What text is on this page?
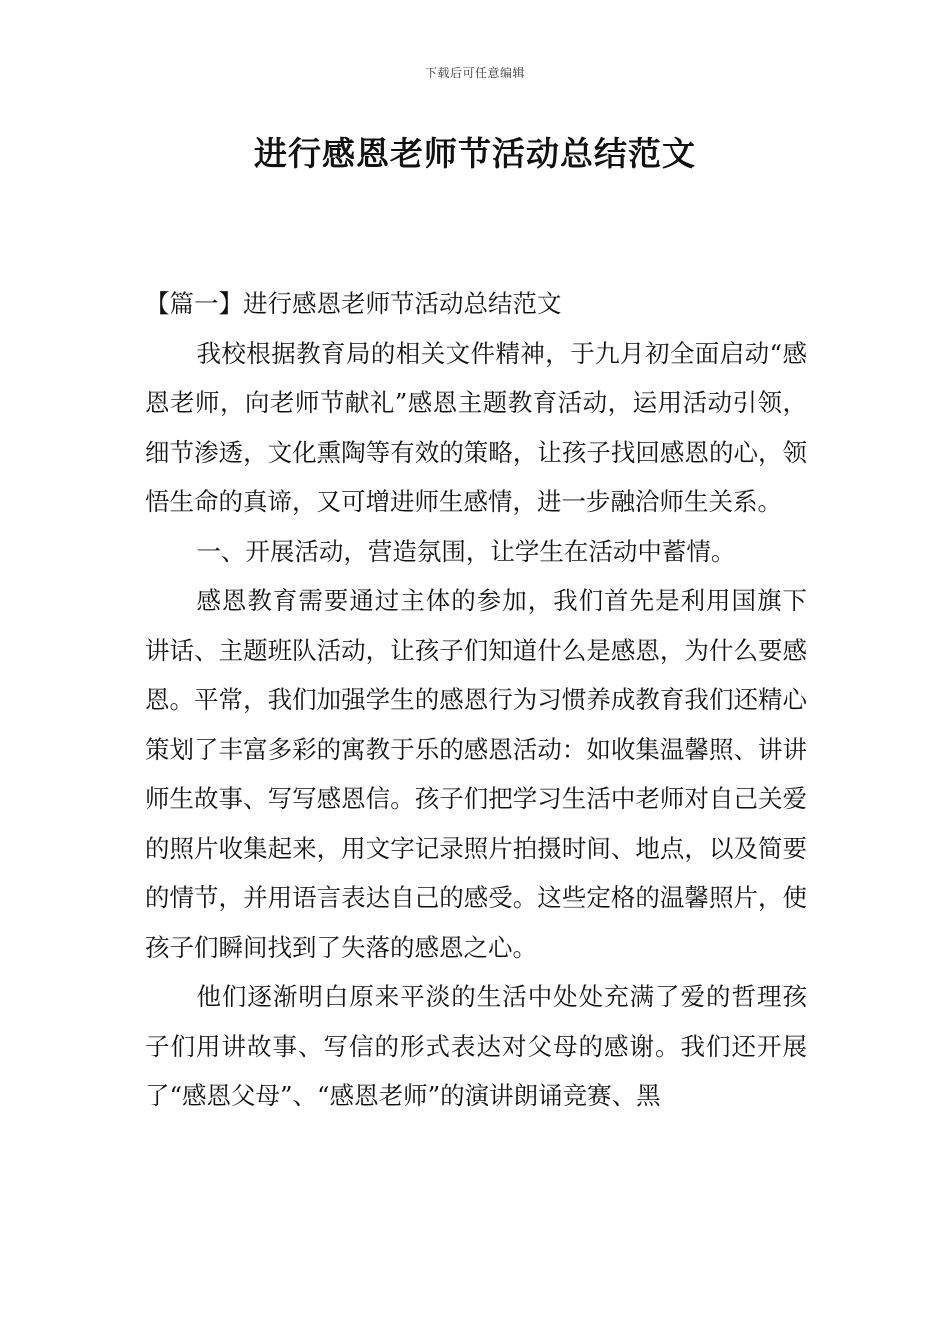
下载后可任意编辑
进行感恩老师节活动总结范文

【篇一】进行感恩老师节活动总结范文

我校根据教育局的相关文件精神，于九月初全面启动“感恩老师，向老师节献礼”感恩主题教育活动，运用活动引领，细节渗透，文化熏陶等有效的策略，让孩子找回感恩的心，领悟生命的真谛，又可增进师生感情，进一步融洽师生关系。

一、开展活动，营造氛围，让学生在活动中蓄情。

感恩教育需要通过主体的参加，我们首先是利用国旗下讲话、主题班队活动，让孩子们知道什么是感恩，为什么要感恩。平常，我们加强学生的感恩行为习惯养成教育我们还精心策划了丰富多彩的寓教于乐的感恩活动：如收集温馨照、讲讲师生故事、写写感恩信。孩子们把学习生活中老师对自己关爱的照片收集起来，用文字记录照片拍摄时间、地点，以及简要的情节，并用语言表达自己的感受。这些定格的温馨照片，使孩子们瞬间找到了失落的感恩之心。

他们逐渐明白原来平淡的生活中处处充满了爱的哲理孩子们用讲故事、写信的形式表达对父母的感谢。我们还开展了“感恩父母”、“感恩老师”的演讲朗诵竞赛、黑
